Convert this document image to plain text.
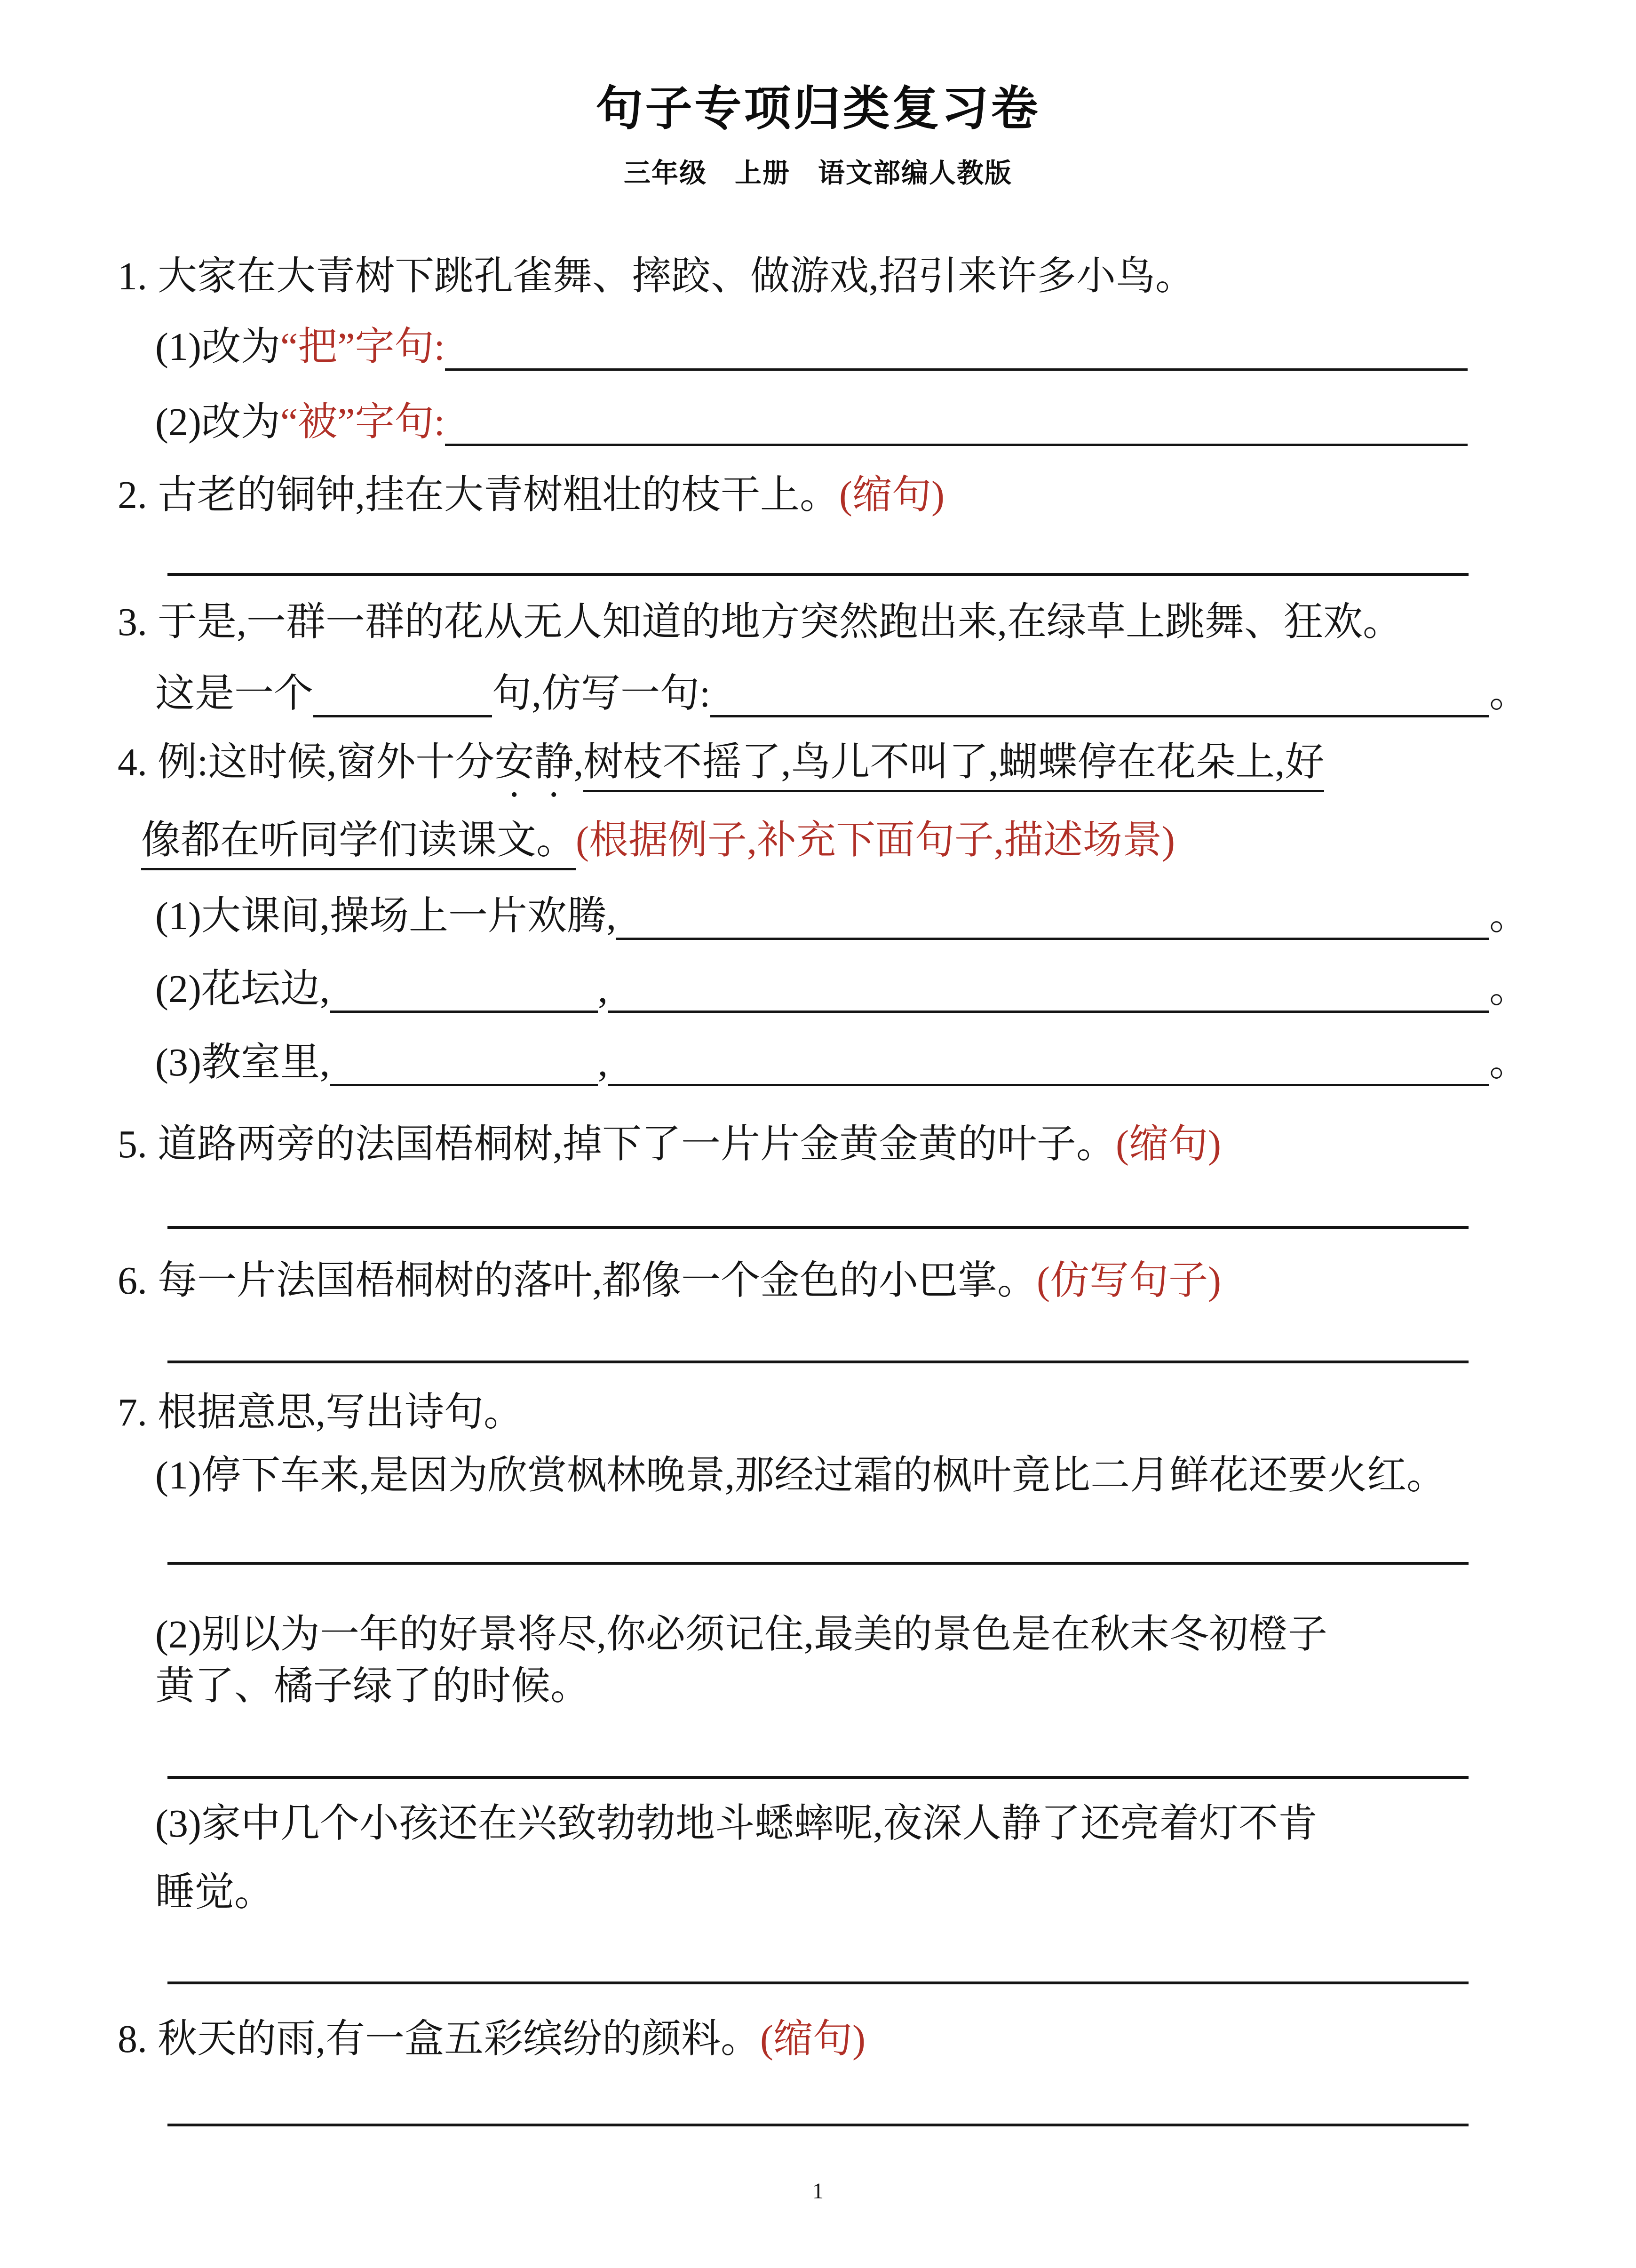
句子专项归类复习卷
三年级　上册　语文部编人教版
1. 大家在大青树下跳孔雀舞、摔跤、做游戏,招引来许多小鸟。
(1)改为 “把”字句:
(2)改为 “被”字句:
2. 古老的铜钟,挂在大青树粗壮的枝干上。(缩句)
3. 于是,一群一群的花从无人知道的地方突然跑出来,在绿草上跳舞、狂欢。
这是一个	句,仿写一句:	。
4. 例:这时候,窗外十分安静,树枝不摇了,鸟儿不叫了,蝴蝶停在花朵上,好
像都在听同学们读课文。(根据例子,补充下面句子,描述场景)
(1)大课间,操场上一片欢腾,	。
(2)花坛边,	,	。
(3)教室里,	,	。
5. 道路两旁的法国梧桐树,掉下了一片片金黄金黄的叶子。(缩句)
6. 每一片法国梧桐树的落叶,都像一个金色的小巴掌。(仿写句子)
7. 根据意思,写出诗句。
(1)停下车来,是因为欣赏枫林晚景,那经过霜的枫叶竟比二月鲜花还要火红。
(2)别以为一年的好景将尽,你必须记住,最美的景色是在秋末冬初橙子
黄了、橘子绿了的时候。
(3)家中几个小孩还在兴致勃勃地斗蟋蟀呢,夜深人静了还亮着灯不肯
睡觉。
8. 秋天的雨,有一盒五彩缤纷的颜料。(缩句)
1
